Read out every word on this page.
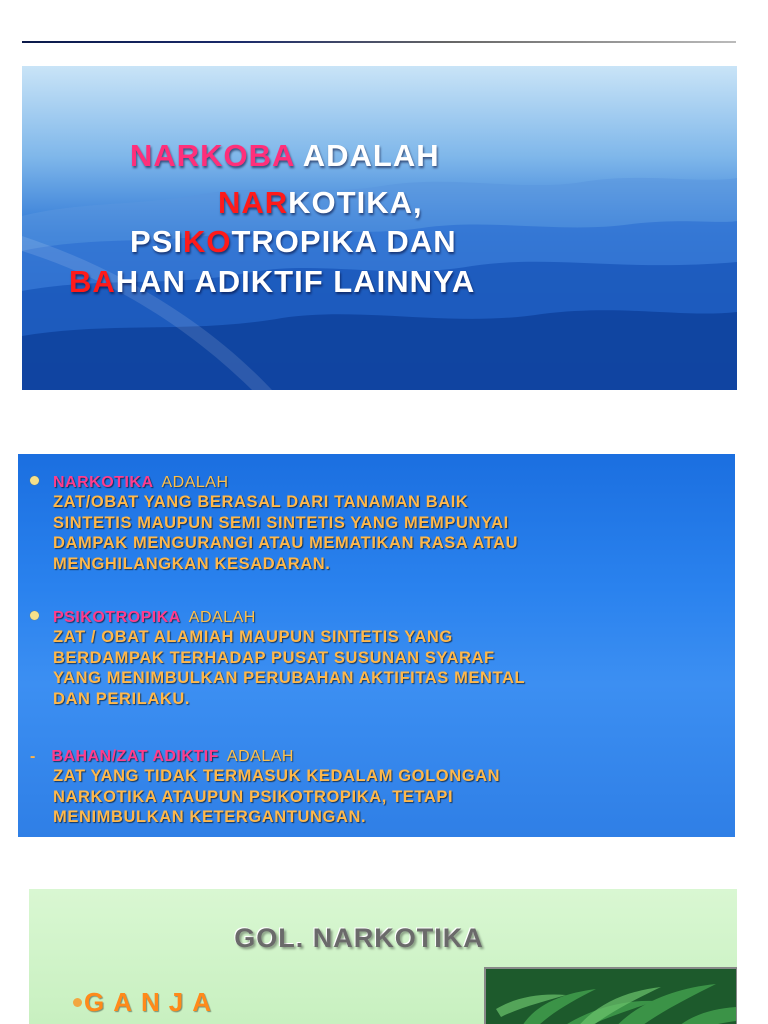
NARKOBA ADALAH
NARKOTIKA,
PSIKOTROPIKA DAN
BAHAN ADIKTIF LAINNYA
NARKOTIKA ADALAH
ZAT/OBAT YANG BERASAL DARI TANAMAN BAIK
SINTETIS MAUPUN SEMI SINTETIS YANG MEMPUNYAI
DAMPAK MENGURANGI ATAU MEMATIKAN RASA ATAU
MENGHILANGKAN KESADARAN.
PSIKOTROPIKA ADALAH
ZAT / OBAT ALAMIAH MAUPUN SINTETIS YANG
BERDAMPAK TERHADAP PUSAT SUSUNAN SYARAF
YANG MENIMBULKAN PERUBAHAN AKTIFITAS MENTAL
DAN PERILAKU.
- BAHAN/ZAT ADIKTIF ADALAH
ZAT YANG TIDAK TERMASUK KEDALAM GOLONGAN
NARKOTIKA ATAUPUN PSIKOTROPIKA, TETAPI
MENIMBULKAN KETERGANTUNGAN.
GOL. NARKOTIKA
GANJA
